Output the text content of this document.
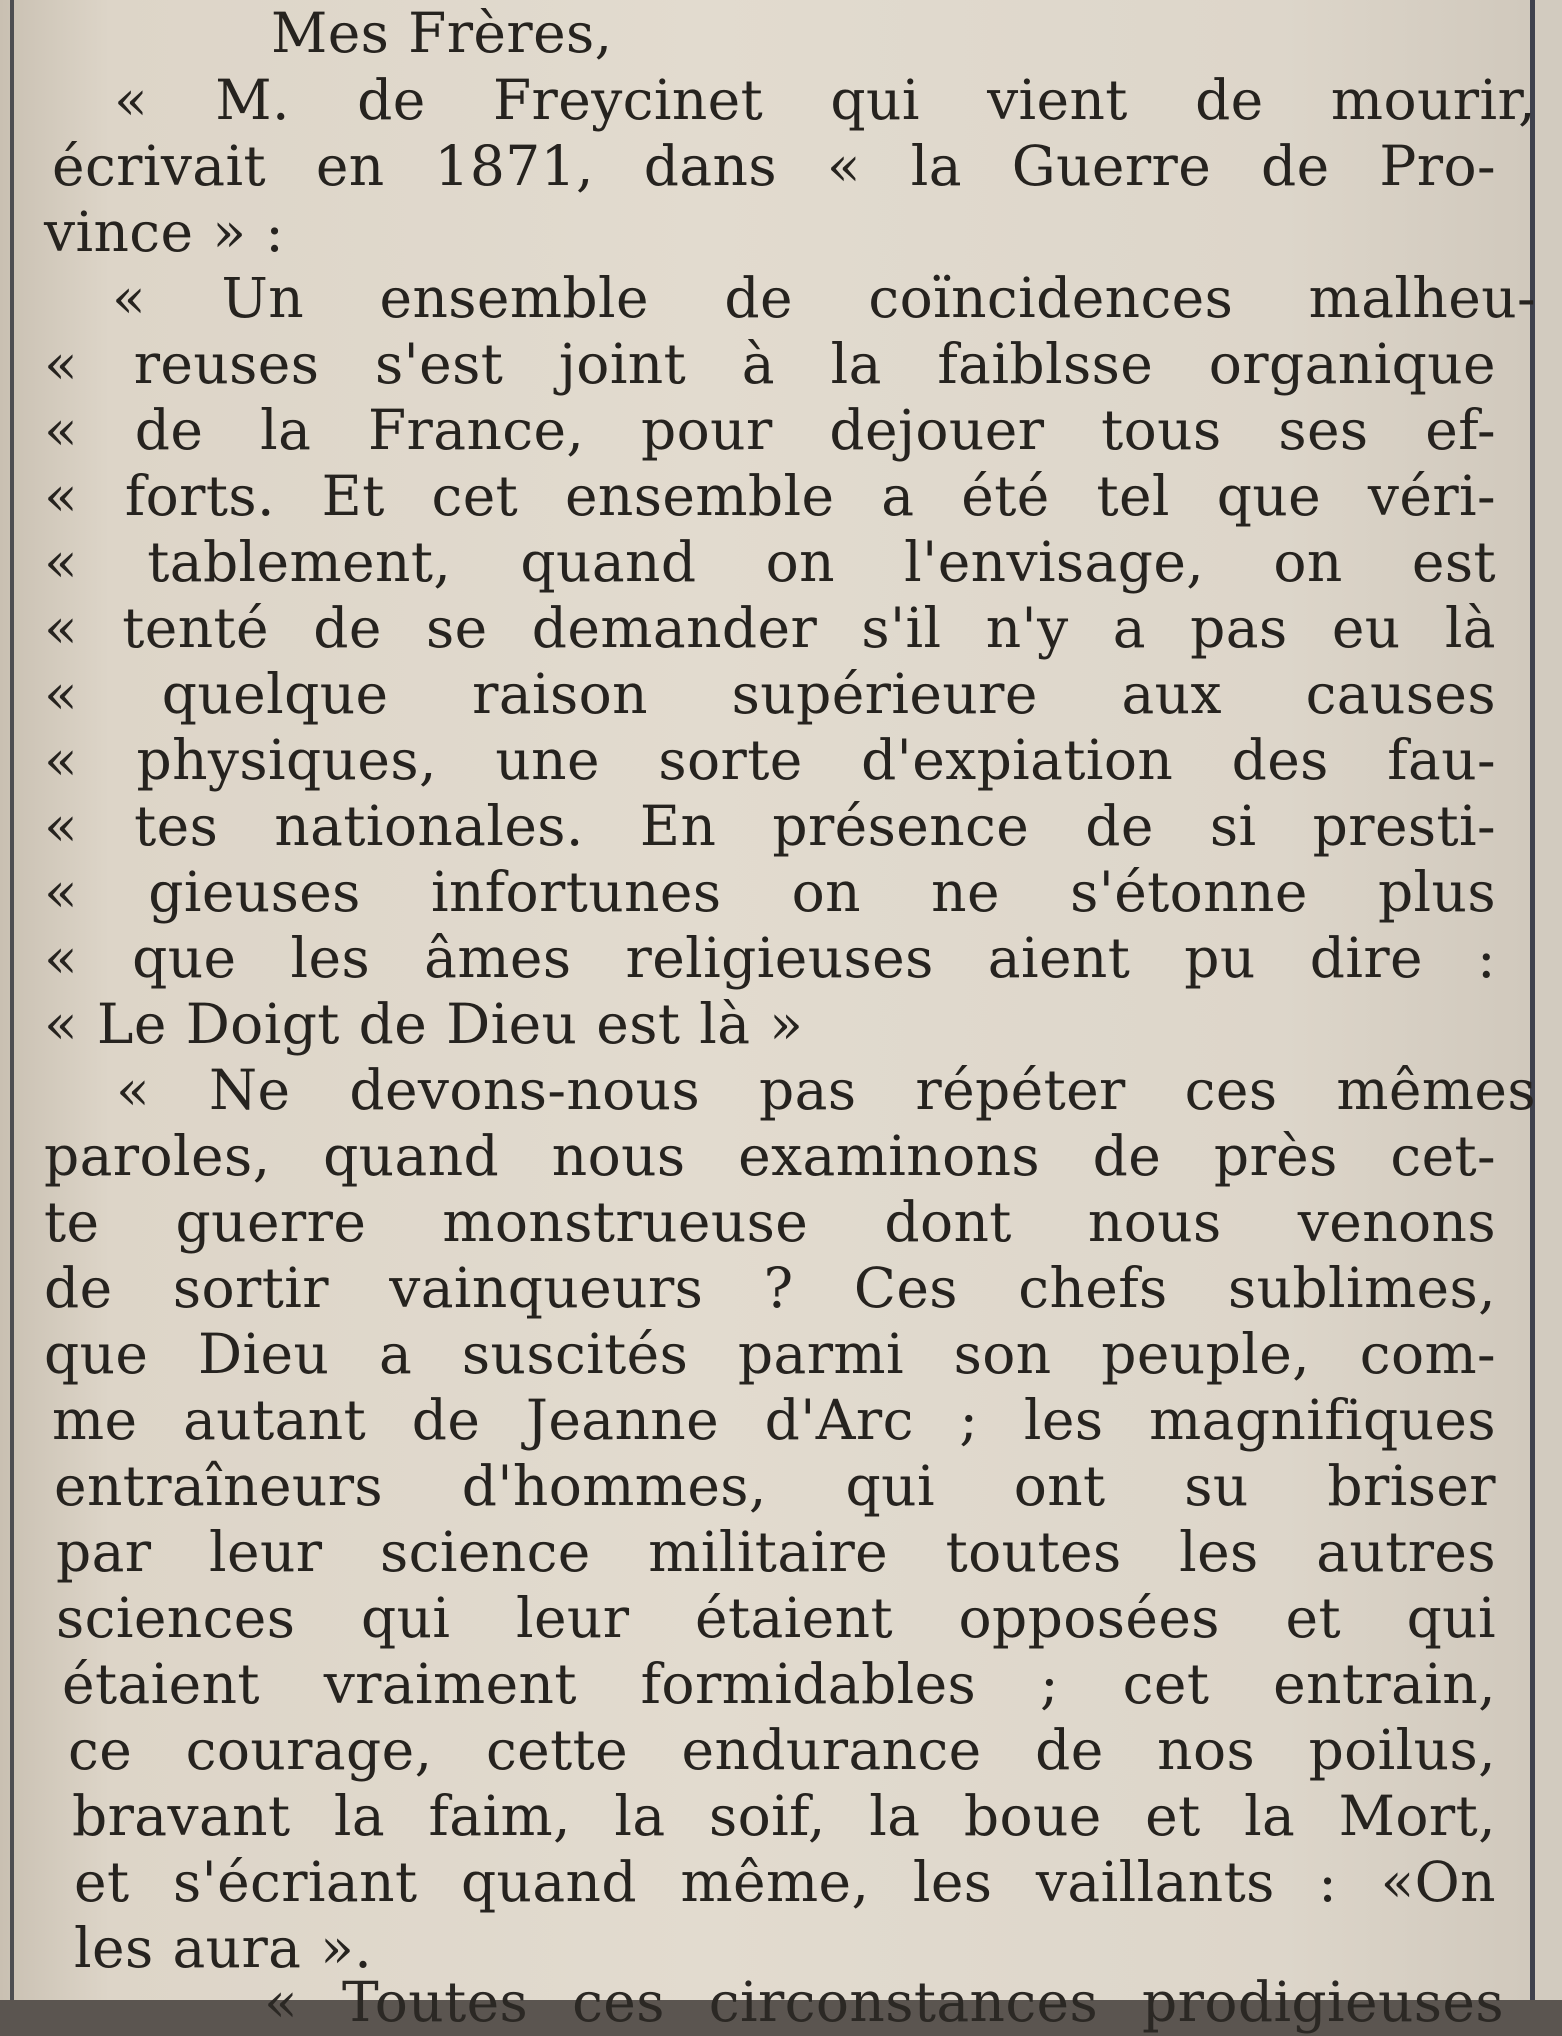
Mes Frères,
« M. de Freycinet qui vient de mourir,
écrivait en 1871, dans « la Guerre de Pro-
vince » :
« Un ensemble de coïncidences malheu-
« reuses s'est joint à la faiblsse organique
« de la France, pour dejouer tous ses ef-
« forts. Et cet ensemble a été tel que véri-
« tablement, quand on l'envisage, on est
« tenté de se demander s'il n'y a pas eu là
« quelque raison supérieure aux causes
« physiques, une sorte d'expiation des fau-
« tes nationales. En présence de si presti-
« gieuses infortunes on ne s'étonne plus
« que les âmes religieuses aient pu dire :
« Le Doigt de Dieu est là »
« Ne devons-nous pas répéter ces mêmes
paroles, quand nous examinons de près cet-
te guerre monstrueuse dont nous venons
de sortir vainqueurs ? Ces chefs sublimes,
que Dieu a suscités parmi son peuple, com-
me autant de Jeanne d'Arc ; les magnifiques
entraîneurs d'hommes, qui ont su briser
par leur science militaire toutes les autres
sciences qui leur étaient opposées et qui
étaient vraiment formidables ; cet entrain,
ce courage, cette endurance de nos poilus,
bravant la faim, la soif, la boue et la Mort,
et s'écriant quand même, les vaillants : «On
les aura ».
« Toutes ces circonstances prodigieuses
